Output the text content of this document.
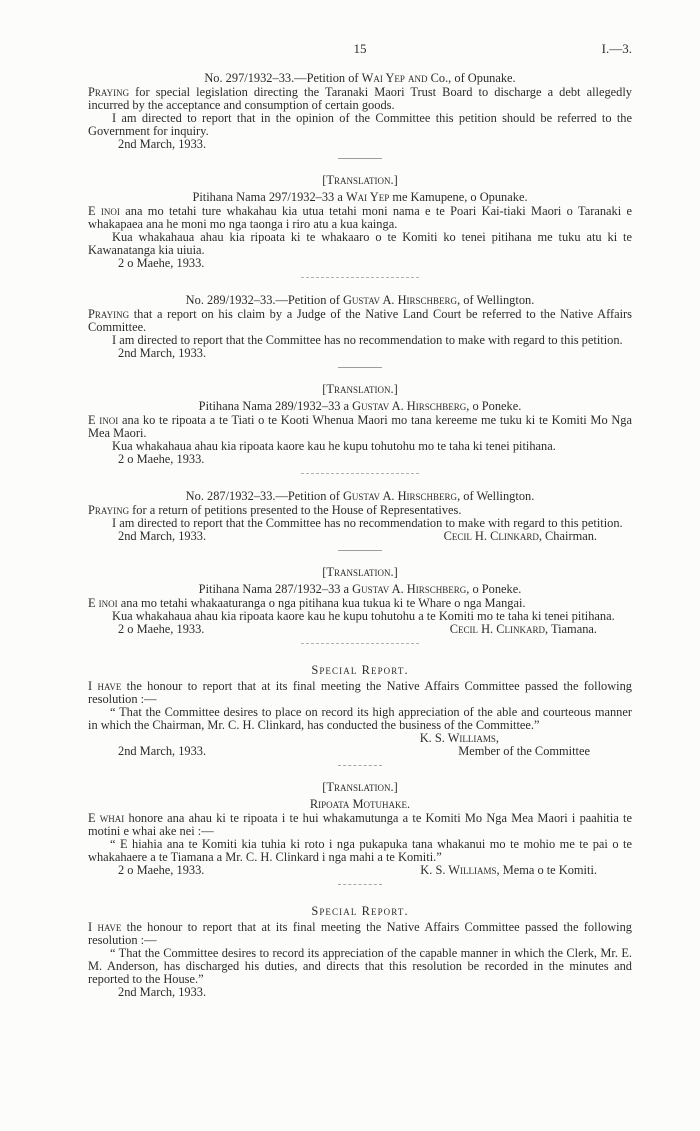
15	I.—3.

No. 297/1932–33.—Petition of Wai Yep and Co., of Opunake.

Praying for special legislation directing the Taranaki Maori Trust Board to discharge a debt allegedly incurred by the acceptance and consumption of certain goods.

I am directed to report that in the opinion of the Committee this petition should be referred to the Government for inquiry.

2nd March, 1933.

[Translation.]

Pitihana Nama 297/1932–33 a Wai Yep me Kamupene, o Opunake.

E inoi ana mo tetahi ture whakahau kia utua tetahi moni nama e te Poari Kai-tiaki Maori o Taranaki e whakapaea ana he moni mo nga taonga i riro atu a kua kainga.

Kua whakahaua ahau kia ripoata ki te whakaaro o te Komiti ko tenei pitihana me tuku atu ki te Kawanatanga kia uiuia.

2 o Maehe, 1933.

No. 289/1932–33.—Petition of Gustav A. Hirschberg, of Wellington.

Praying that a report on his claim by a Judge of the Native Land Court be referred to the Native Affairs Committee.

I am directed to report that the Committee has no recommendation to make with regard to this petition.

2nd March, 1933.

[Translation.]

Pitihana Nama 289/1932–33 a Gustav A. Hirschberg, o Poneke.

E inoi ana ko te ripoata a te Tiati o te Kooti Whenua Maori mo tana kereeme me tuku ki te Komiti Mo Nga Mea Maori.

Kua whakahaua ahau kia ripoata kaore kau he kupu tohutohu mo te taha ki tenei pitihana.

2 o Maehe, 1933.

No. 287/1932–33.—Petition of Gustav A. Hirschberg, of Wellington.

Praying for a return of petitions presented to the House of Representatives.

I am directed to report that the Committee has no recommendation to make with regard to this petition.

2nd March, 1933.	Cecil H. Clinkard, Chairman.

[Translation.]

Pitihana Nama 287/1932–33 a Gustav A. Hirschberg, o Poneke.

E inoi ana mo tetahi whakaaturanga o nga pitihana kua tukua ki te Whare o nga Mangai.

Kua whakahaua ahau kia ripoata kaore kau he kupu tohutohu a te Komiti mo te taha ki tenei pitihana.

2 o Maehe, 1933.	Cecil H. Clinkard, Tiamana.

Special Report.

I have the honour to report that at its final meeting the Native Affairs Committee passed the following resolution :—

“ That the Committee desires to place on record its high appreciation of the able and courteous manner in which the Chairman, Mr. C. H. Clinkard, has conducted the business of the Committee.”

K. S. Williams,

2nd March, 1933.	Member of the Committee

[Translation.]

Ripoata Motuhake.

E whai honore ana ahau ki te ripoata i te hui whakamutunga a te Komiti Mo Nga Mea Maori i paahitia te motini e whai ake nei :—

“ E hiahia ana te Komiti kia tuhia ki roto i nga pukapuka tana whakanui mo te mohio me te pai o te whakahaere a te Tiamana a Mr. C. H. Clinkard i nga mahi a te Komiti.”

2 o Maehe, 1933.	K. S. Williams, Mema o te Komiti.

Special Report.

I have the honour to report that at its final meeting the Native Affairs Committee passed the following resolution :—

“ That the Committee desires to record its appreciation of the capable manner in which the Clerk, Mr. E. M. Anderson, has discharged his duties, and directs that this resolution be recorded in the minutes and reported to the House.”

2nd March, 1933.
